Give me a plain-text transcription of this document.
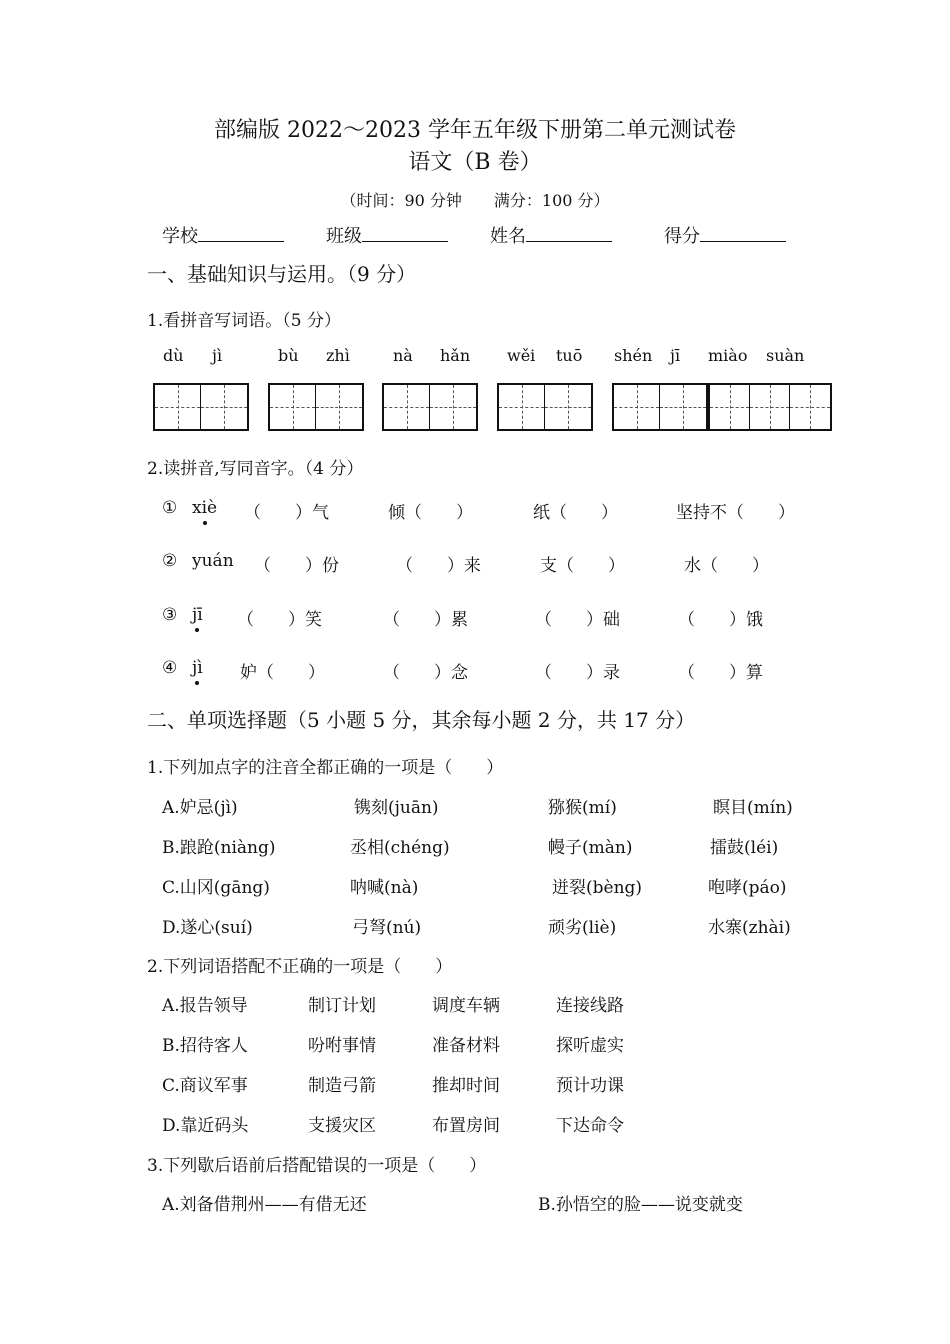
部编版 2022～2023 学年五年级下册第二单元测试卷
语文（B 卷）
（时间：90 分钟　　满分：100 分）
学校	班级	姓名	得分
一、基础知识与运用。（9 分）
1.看拼音写词语。（5 分）
dù jì	bù zhì	nà hǎn wěi tuō shén jī miào suàn
2.读拼音,写同音字。（4 分）
① xiè （　　）气	倾（　　）	纸（　　）	坚持不（　　）
② yuán （　　）份	（　　）来	支（　　）	水（　　）
③ jī （　　）笑	（　　）累	（　　）础	（　　）饿
④ jì 妒（　　）	（　　）念	（　　）录	（　　）算
二、单项选择题（5 小题 5 分，其余每小题 2 分，共 17 分）
1.下列加点字的注音全都正确的一项是（　　）
A.妒忌(jì)	镌刻(juān)	猕猴(mí)	瞑目(mín)
B.踉跄(niàng)	丞相(chéng)	幔子(màn)	擂鼓(léi)
C.山冈(gāng)	呐喊(nà)	迸裂(bèng)	咆哮(páo)
D.遂心(suí)	弓弩(nú)	顽劣(liè)	水寨(zhài)
2.下列词语搭配不正确的一项是（　　）
A.报告领导	制订计划	调度车辆	连接线路
B.招待客人	吩咐事情	准备材料	探听虚实
C.商议军事	制造弓箭	推却时间	预计功课
D.靠近码头	支援灾区	布置房间	下达命令
3.下列歇后语前后搭配错误的一项是（　　）
A.刘备借荆州——有借无还	B.孙悟空的脸——说变就变
